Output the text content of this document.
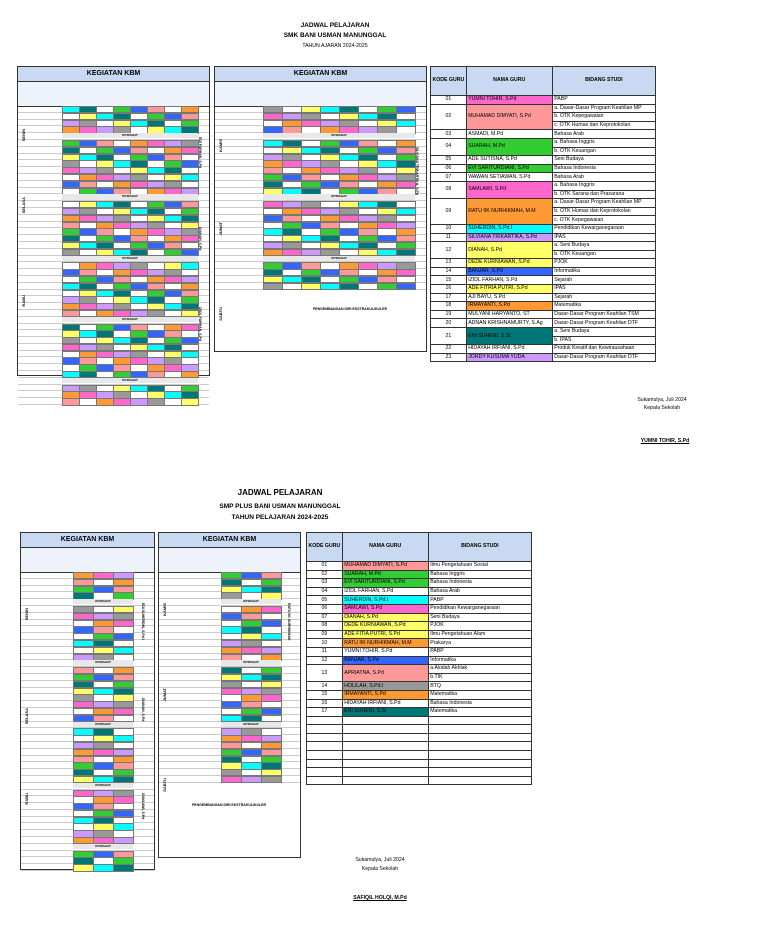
JADWAL PELAJARAN
SMK BANI USMAN MANUNGGAL
TAHUN AJARAN 2024-2025
KEGIATAN KBM
ISTIRAHAT
ISTIRAHAT
ISTIRAHAT
ISTIRAHAT
ISTIRAHAT
SENIN
SELASA
RABU
EDI FARHAN, S.Pd
DIANAH, S.Pd
IZIDL FARHAN, S.Pd
KEGIATAN KBM
ISTIRAHAT
ISTIRAHAT
ISTIRAHAT
KAMIS
JUMAT
SABTU
SILVIANA TRIKARTIKA, S.Pd
PENGEMBANGAN DIRI EKSTRAKULIKULER
KODE GURU	NAMA GURU	BIDANG STUDI
01	YUMNI TOHIR, S.Pd	PABP
02	MUHAMAD DIMYATI, S.Pd	a. Dasar-Dasar Program Keahlian MP
		b. OTK Kepegawaian
		c. OTK Humas dan Keprotokolan
03	ASMADI, M.Pd	Bahasa Arab
04	SUARAH, M.Pd	a. Bahasa Inggris
		b. OTK Keuangan
05	ADE SUTISNA, S.Pd	Seni Budaya
06	EVI SARITURDIANI, S.Pd	Bahasa Indonesia
07	WAWAN SETIAWAN, S.Pd	Bahasa Arab
08	SAMLAWI, S.Pd	a. Bahasa Inggris
		b. OTK Sarana dan Prasarana
09	RATU IIK NURHIKMAH, M.M	a. Dasar-Dasar Program Keahlian MP
		b. OTK Humas dan Keprotokolan
		c. OTK Kepegawaian
10	SUHERDIN, S.Pd.I	Pendidikan Kewarganegaraan
11	SILVIANA TRIKARTIKA, S.Pd	IPAS
12	DIANAH, S.Pd	a. Seni Budaya
		b. OTK Keuangan
13	DEDE KURNIAWAN, S.Pd	PJOK
14	BANJAR, S.Pd	Informatika
15	IZIDL FARHAN, S.Pd	Sejarah
16	ADE FITRIA PUTRI, S.Pd	IPAS
17	AJI BAYU, S.Pd	Sejarah
18	IRMAYANTI, S.Pd	Matematika
19	MULYANI HARYANTO, ST	Dasar-Dasar Program Keahlian TSM
20	ADNAN KRISHNAMURTY, S.Ag	Dasar-Dasar Program Keahlian DTF
21	ENI SUHENI, S.Si	a. Seni Budaya
		b. IPAS
22	HIDAYAH IRFIANI, S.Pd	Produk Kreatif dan Kewirausahaan
23	JORDY KUSUMA YUDA	Dasar-Dasar Program Keahlian DTF
Sukamulya, Juli 2024
Kepala Sekolah
YUMNI TOHIR, S.Pd
JADWAL PELAJARAN
SMP PLUS BANI USMAN MANUNGGAL
TAHUN PELAJARAN 2024-2025
KEGIATAN KBM
ISTIRAHAT
ISTIRAHAT
ISTIRAHAT
ISTIRAHAT
ISTIRAHAT
SENIN
SELASA
RABU
EDI SUHERDIN, S.Pd.I
DIANAH, S.Pd
SAMLAWI, S.Pd
KEGIATAN KBM
ISTIRAHAT
ISTIRAHAT
ISTIRAHAT
KAMIS
JUMAT
SABTU
RATU IIK NURHIKMAH
PENGEMBANGAN DIRI EKSTRAKULIKULER
KODE GURU	NAMA GURU	BIDANG STUDI
01	MUHAMAD DIMYATI, S.Pd	Ilmu Pengetahuan Sosial
02	SUARAH, M.Pd	Bahasa Inggris
03	EVI SARITURDIANI, S.Pd	Bahasa Indonesia
04	IZIDL FARHAN, S.Pd	Bahasa Arab
05	SUHERDIN, S.Pd.I	PABP
06	SAMLAWI, S.Pd	Pendidikan Kewarganegaraan
07	DIANAH, S.Pd	Seni Budaya
08	DEDE KURNIAWAN, S.Pd	PJOK
09	ADE FITIA PUTRI, S.Pd	Ilmu Pengetahuan Alam
10	RATU IIK NURHIKMAH, M.M	Prakarya
11	YUMNI TOHIR, S.Pd	PABP
12	BANJAR, S.Pd	Informatika
13	APRIATNA, S.Pd	a.Akidah Akhlak
		b.TIK
14	HOLILAH, S.Pd.I	BTQ
15	IRMAYANTI, S.Pd	Matematika
16	HIDAYAH IRFIANI, S.Pd	Bahasa Indonesia
17	ENI SUHENI, S.Si	Matematika

Sukamulya, Juli 2024
Kepala Sekolah
SAFIQIL HOLQI, M.Pd
